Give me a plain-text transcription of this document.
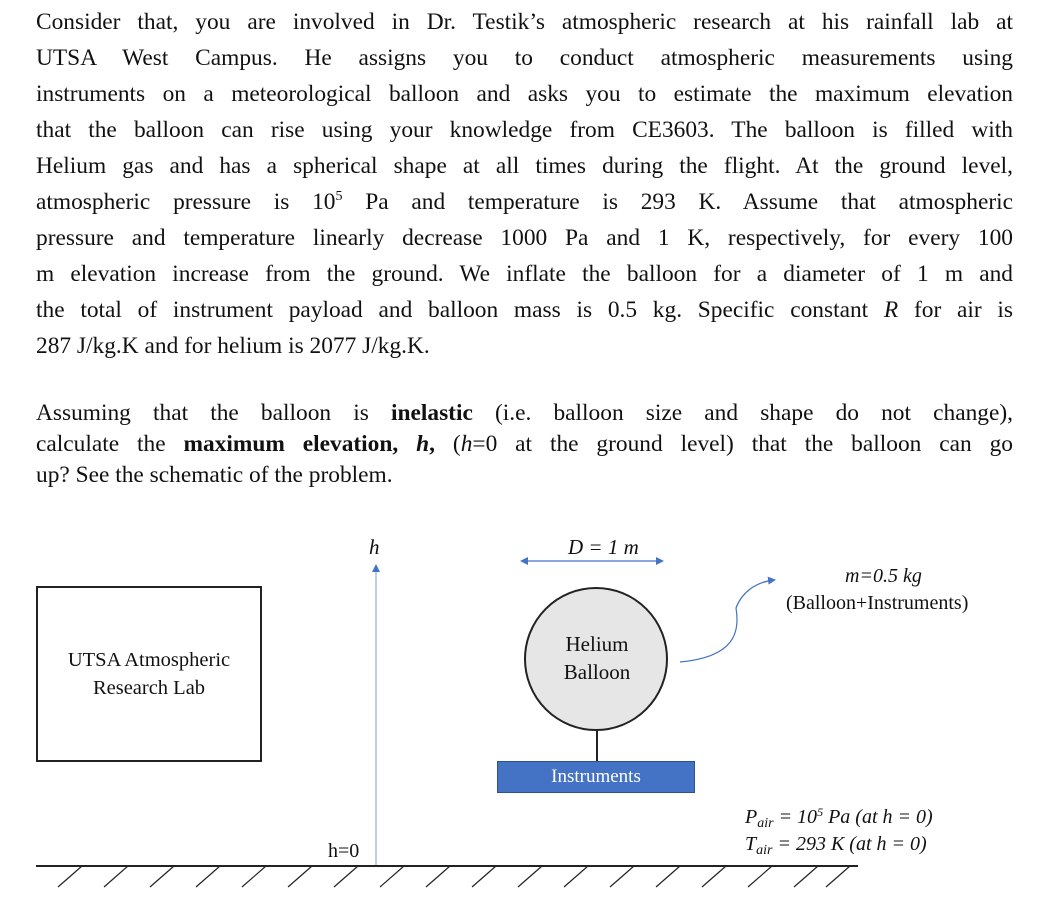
Consider that, you are involved in Dr. Testik’s atmospheric research at his rainfall lab at
UTSA West Campus. He assigns you to conduct atmospheric measurements using
instruments on a meteorological balloon and asks you to estimate the maximum elevation
that the balloon can rise using your knowledge from CE3603. The balloon is filled with
Helium gas and has a spherical shape at all times during the flight. At the ground level,
atmospheric pressure is $10^5$ Pa and temperature is 293 K. Assume that atmospheric
pressure and temperature linearly decrease 1000 Pa and 1 K, respectively, for every 100
m elevation increase from the ground. We inflate the balloon for a diameter of 1 m and
the total of instrument payload and balloon mass is 0.5 kg. Specific constant R for air is
287 J/kg.K and for helium is 2077 J/kg.K.
Assuming that the balloon is inelastic (i.e. balloon size and shape do not change),
calculate the maximum elevation, h, (h=0 at the ground level) that the balloon can go
up? See the schematic of the problem.
UTSA Atmospheric
Research Lab
Helium
Balloon
Instruments
h
h=0
D = 1 m
m=0.5 kg
(Balloon+Instruments)
$P_{air} = 10^5$ Pa (at h = 0)
$T_{air} = 293$ K (at h = 0)
